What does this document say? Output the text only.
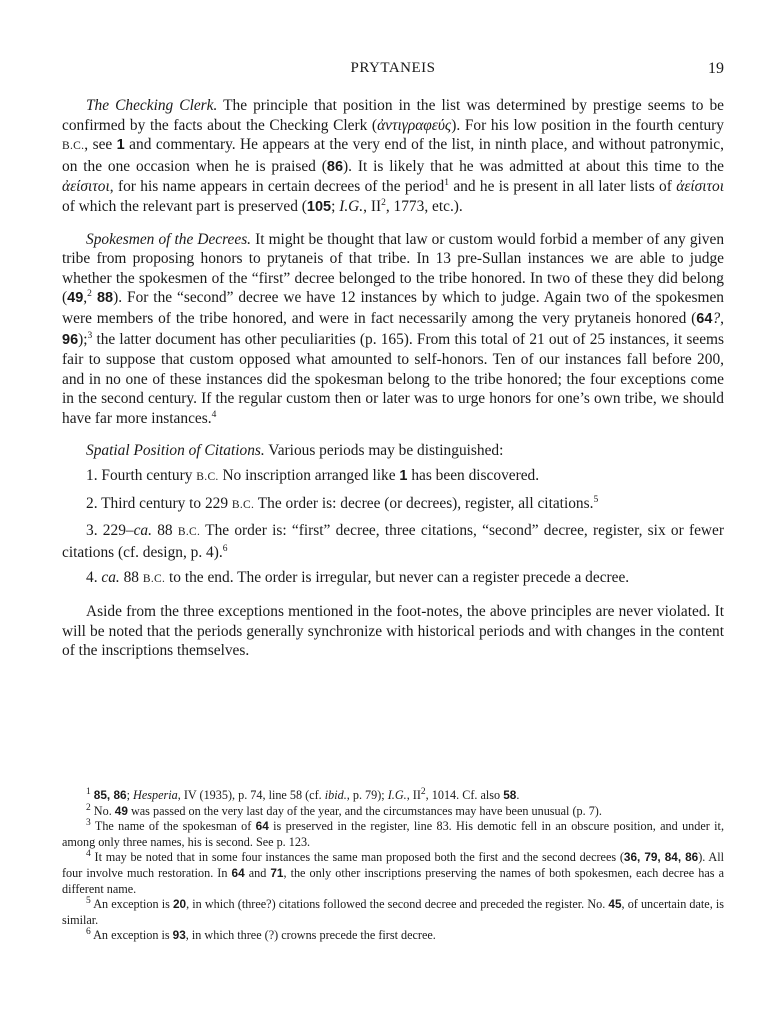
PRYTANEIS	19

The Checking Clerk. The principle that position in the list was determined by prestige seems to be confirmed by the facts about the Checking Clerk (ἀντιγραφεύς). For his low position in the fourth century B.C., see 1 and commentary. He appears at the very end of the list, in ninth place, and without patronymic, on the one occasion when he is praised (86). It is likely that he was admitted at about this time to the ἀείσιτοι, for his name appears in certain decrees of the period$^1$ and he is present in all later lists of ἀείσιτοι of which the relevant part is preserved (105; I.G., $II^2$, 1773, etc.).

Spokesmen of the Decrees. It might be thought that law or custom would forbid a member of any given tribe from proposing honors to prytaneis of that tribe. In 13 pre-Sullan instances we are able to judge whether the spokesmen of the “first” decree belonged to the tribe honored. In two of these they did belong (49,$^2$ 88). For the “second” decree we have 12 instances by which to judge. Again two of the spokesmen were members of the tribe honored, and were in fact necessarily among the very prytaneis honored (64?, 96);$^3$ the latter document has other peculiarities (p. 165). From this total of 21 out of 25 instances, it seems fair to suppose that custom opposed what amounted to self-honors. Ten of our instances fall before 200, and in no one of these instances did the spokesman belong to the tribe honored; the four exceptions come in the second century. If the regular custom then or later was to urge honors for one’s own tribe, we should have far more instances.$^4$

Spatial Position of Citations. Various periods may be distinguished:

1. Fourth century B.C. No inscription arranged like 1 has been discovered.

2. Third century to 229 B.C. The order is: decree (or decrees), register, all citations.$^5$

3. 229–ca. 88 B.C. The order is: “first” decree, three citations, “second” decree, register, six or fewer citations (cf. design, p. 4).$^6$

4. ca. 88 B.C. to the end. The order is irregular, but never can a register precede a decree.

Aside from the three exceptions mentioned in the foot-notes, the above principles are never violated. It will be noted that the periods generally synchronize with historical periods and with changes in the content of the inscriptions themselves.

$^1$ 85, 86; Hesperia, IV (1935), p. 74, line 58 (cf. ibid., p. 79); I.G., $II^2$, 1014. Cf. also 58.

$^2$ No. 49 was passed on the very last day of the year, and the circumstances may have been unusual (p. 7).

$^3$ The name of the spokesman of 64 is preserved in the register, line 83. His demotic fell in an obscure position, and under it, among only three names, his is second. See p. 123.

$^4$ It may be noted that in some four instances the same man proposed both the first and the second decrees (36, 79, 84, 86). All four involve much restoration. In 64 and 71, the only other inscriptions preserving the names of both spokesmen, each decree has a different name.

$^5$ An exception is 20, in which (three?) citations followed the second decree and preceded the register. No. 45, of uncertain date, is similar.

$^6$ An exception is 93, in which three (?) crowns precede the first decree.
